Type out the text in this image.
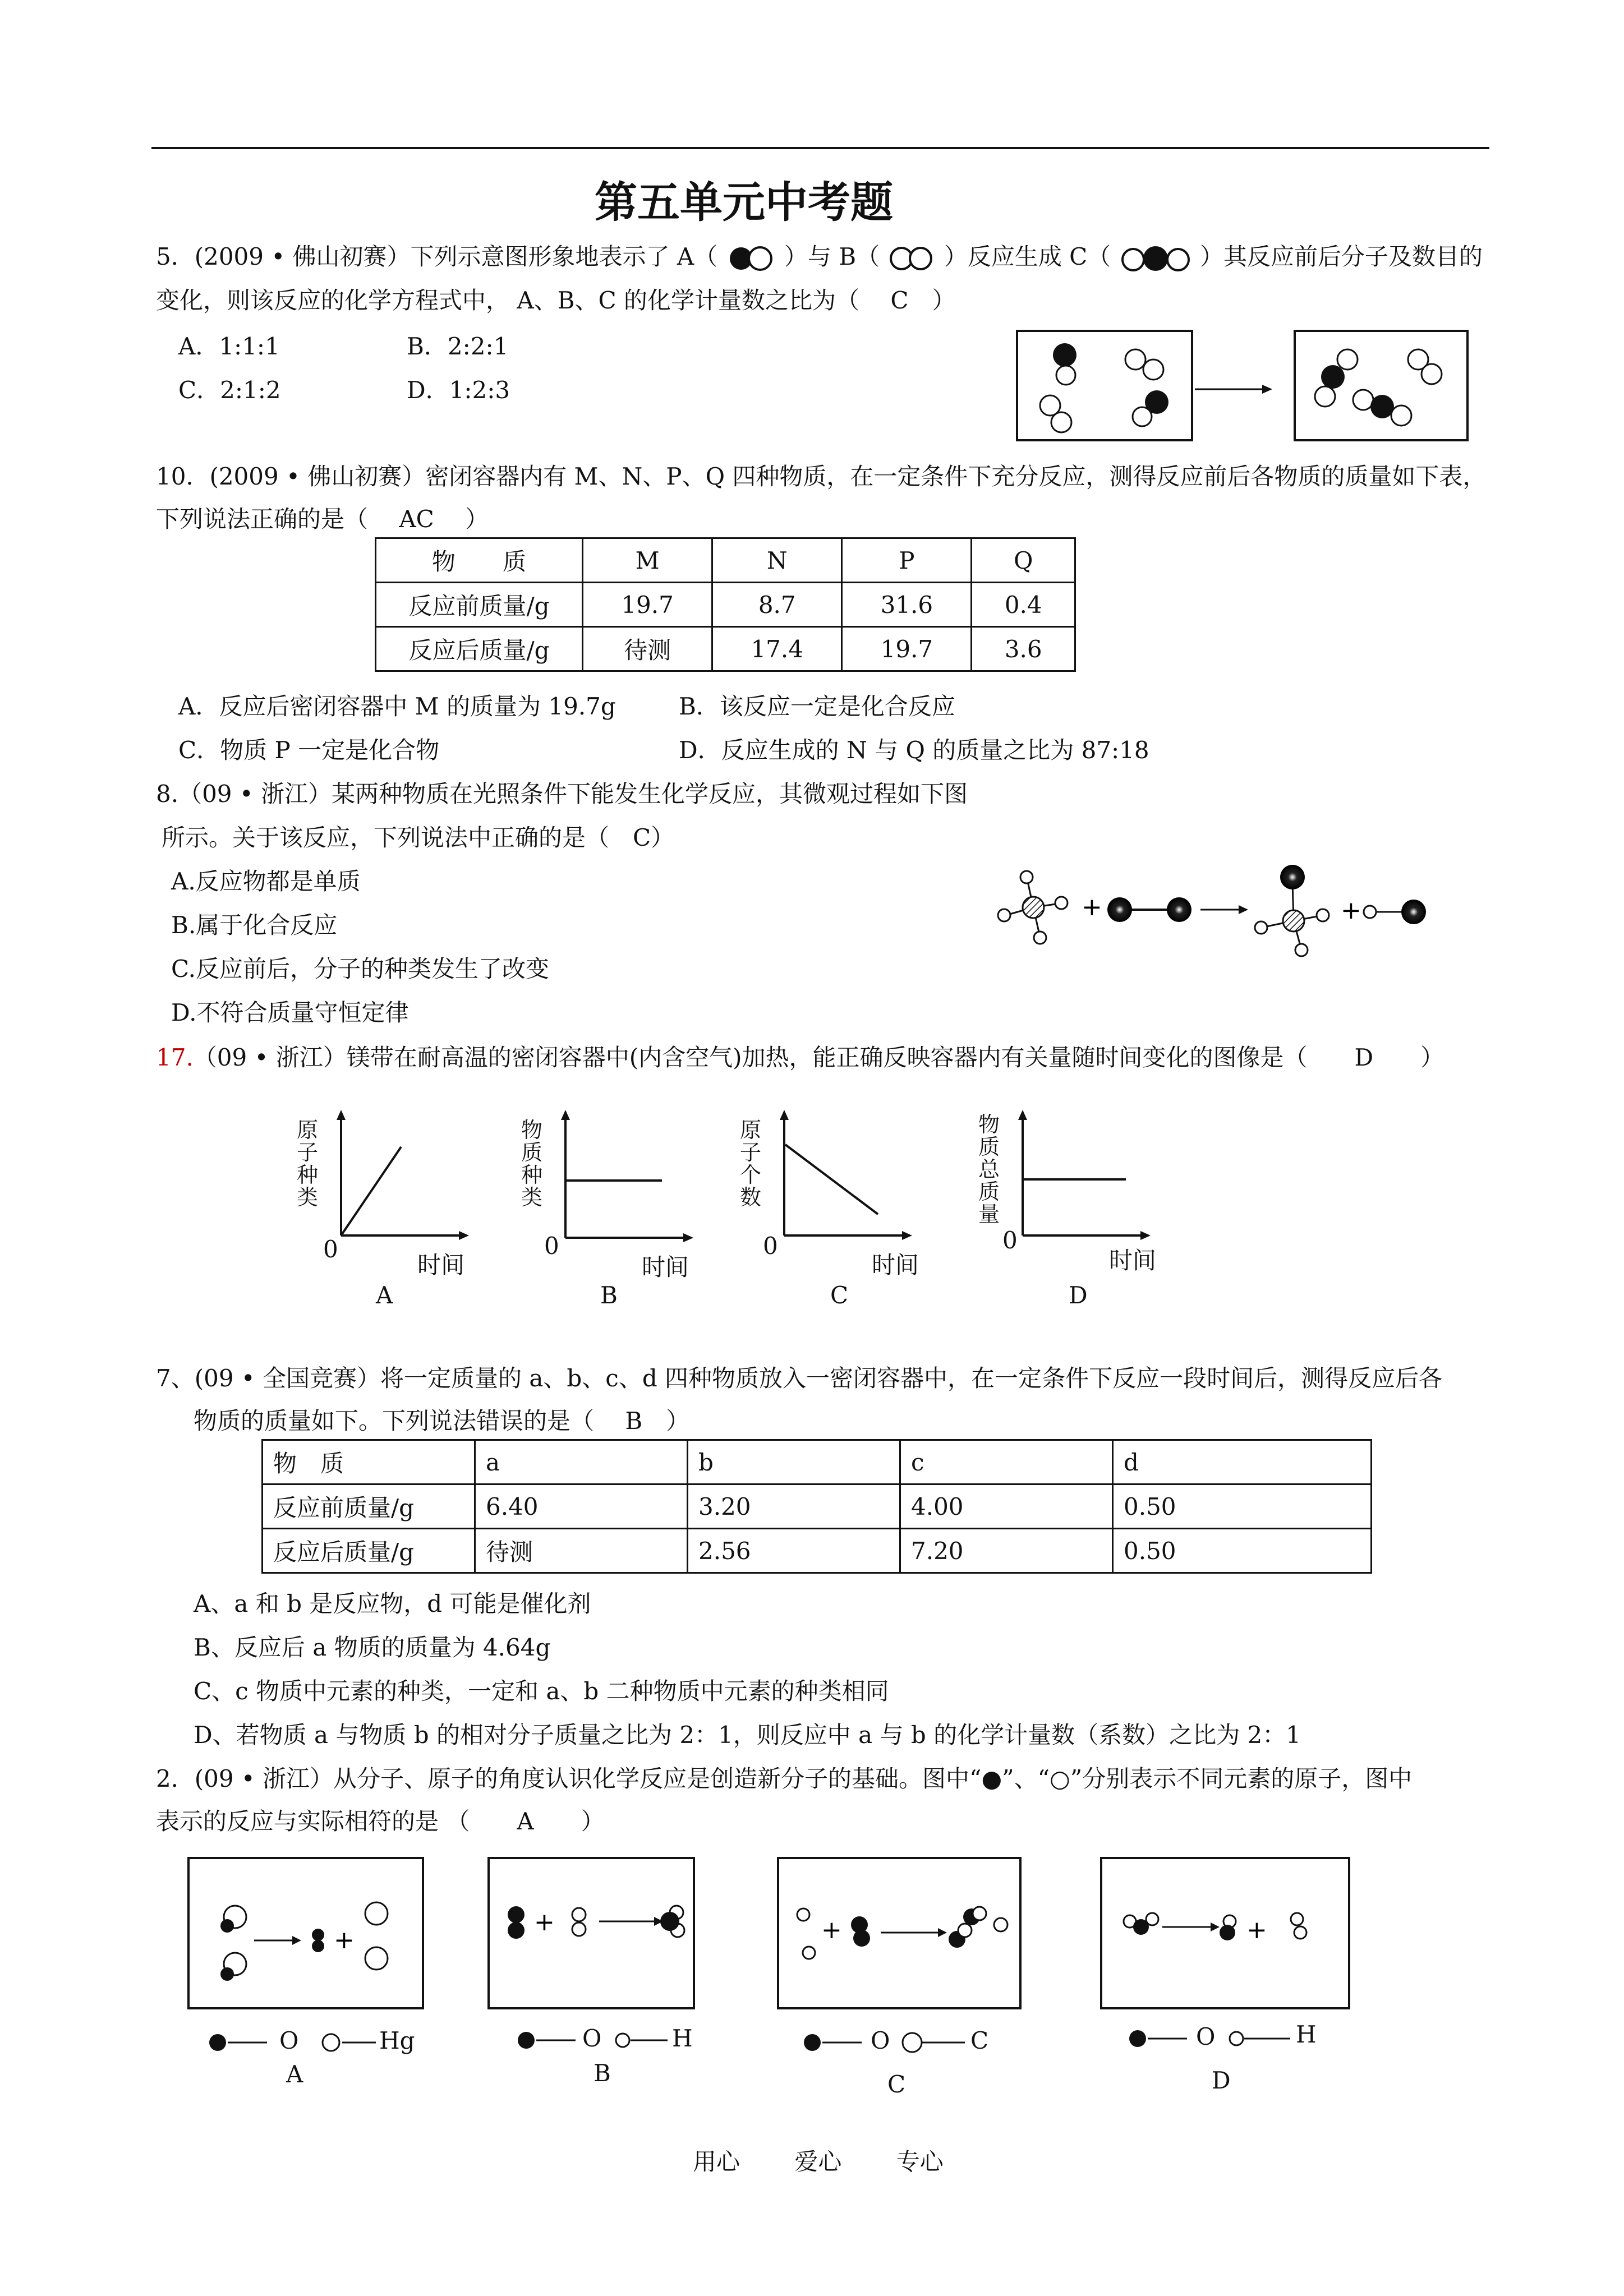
第五单元中考题
5．(2009 • 佛山初赛）下列示意图形象地表示了 A（	）与 B（	）反应生成 C（	）其反应前后分子及数目的
变化，则该反应的化学方程式中， A、B、C 的化学计量数之比为（　 C　）
A．1:1:1	B．2:2:1
C．2:1:2	D．1:2:3
10．(2009 • 佛山初赛）密闭容器内有 M、N、P、Q 四种物质，在一定条件下充分反应，测得反应前后各物质的质量如下表，
下列说法正确的是（　 AC　 ）
物　　质	M	N	P	Q
反应前质量/g	19.7	8.7	31.6	0.4
反应后质量/g	待测	17.4	19.7	3.6
A．反应后密闭容器中 M 的质量为 19.7g	B．该反应一定是化合反应
C．物质 P 一定是化合物	D．反应生成的 N 与 Q 的质量之比为 87:18
8.（09 • 浙江）某两种物质在光照条件下能发生化学反应，其微观过程如下图
所示。关于该反应，下列说法中正确的是（　C）
A.反应物都是单质
B.属于化合反应
C.反应前后，分子的种类发生了改变
D.不符合质量守恒定律
+	+
17.（09 • 浙江）镁带在耐高温的密闭容器中(内含空气)加热，能正确反映容器内有关量随时间变化的图像是（　　D　　）
原子种类
0
时间
A
物质种类
0
时间
B
原子个数
0
时间
C
物质总质量
0
时间
D
7、(09 • 全国竞赛）将一定质量的 a、b、c、d 四种物质放入一密闭容器中，在一定条件下反应一段时间后，测得反应后各
物质的质量如下。下列说法错误的是（　 B　）
物　质	a	b	c	d
反应前质量/g	6.40	3.20	4.00	0.50
反应后质量/g	待测	2.56	7.20	0.50
A、a 和 b 是反应物，d 可能是催化剂
B、反应后 a 物质的质量为 4.64g
C、c 物质中元素的种类，一定和 a、b 二种物质中元素的种类相同
D、若物质 a 与物质 b 的相对分子质量之比为 2：1，则反应中 a 与 b 的化学计量数（系数）之比为 2：1
2．(09 • 浙江）从分子、原子的角度认识化学反应是创造新分子的基础。图中“●”、“○”分别表示不同元素的原子，图中
表示的反应与实际相符的是 （　　A　　）
+
+	+	+
O	Hg
A
O	H
B
O	C
C
O	H
D
用心 爱心 专心
